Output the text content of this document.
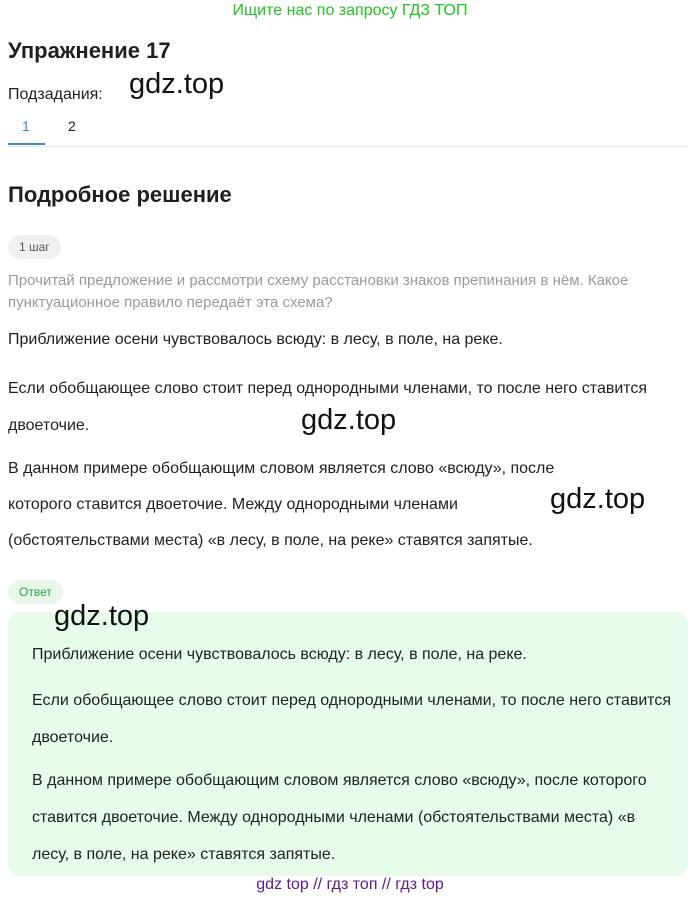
Ищите нас по запросу ГДЗ ТОП
Упражнение 17
Подзадания:
1	2
Подробное решение
1 шаг
Прочитай предложение и рассмотри схему расстановки знаков препинания в нём. Какое пунктуационное правило передаёт эта схема?
Приближение осени чувствовалось всюду: в лесу, в поле, на реке.
Если обобщающее слово стоит перед однородными членами, то после него ставится двоеточие.
В данном примере обобщающим словом является слово «всюду», после которого ставится двоеточие. Между однородными членами (обстоятельствами места) «в лесу, в поле, на реке» ставятся запятые.
Ответ
Приближение осени чувствовалось всюду: в лесу, в поле, на реке.
Если обобщающее слово стоит перед однородными членами, то после него ставится двоеточие.
В данном примере обобщающим словом является слово «всюду», после которого ставится двоеточие. Между однородными членами (обстоятельствами места) «в лесу, в поле, на реке» ставятся запятые.
gdz.top
gdz.top
gdz.top
gdz.top
gdz top // гдз топ // гдз top
